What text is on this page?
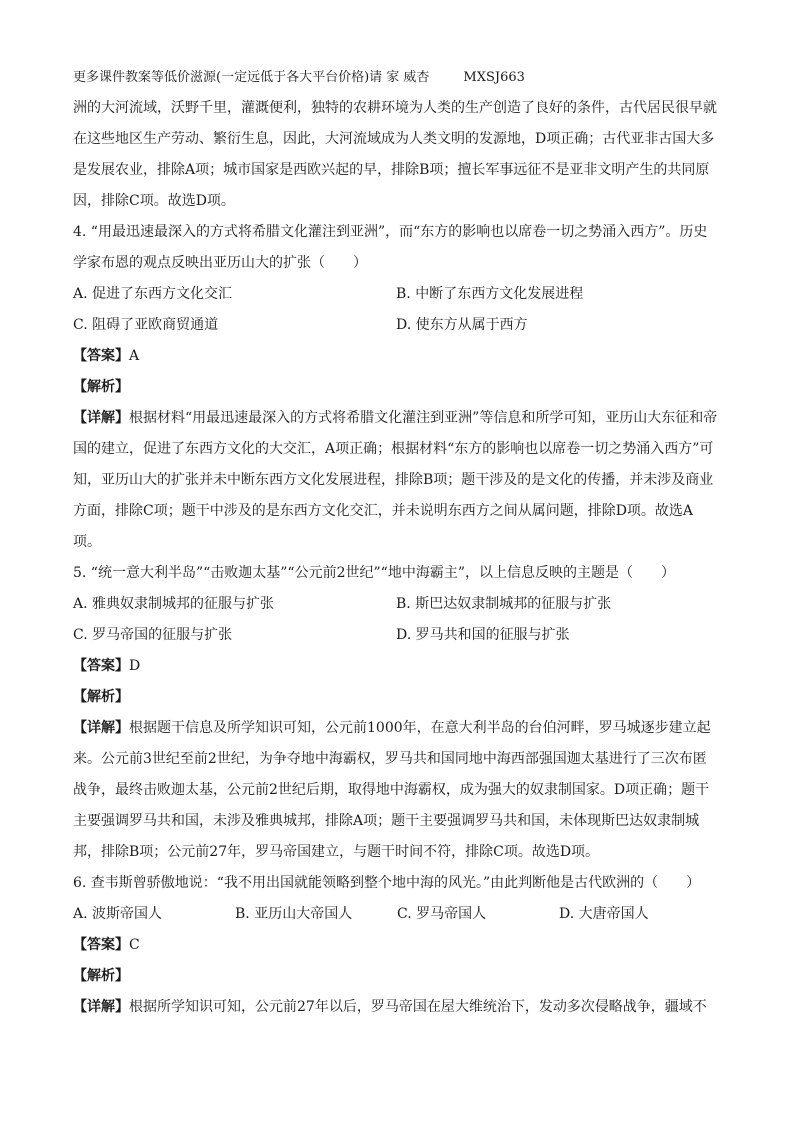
更多课件教案等低价滋源(一定远低于各大平台价格)请 家 威杏	MXSJ663
洲的大河流域，沃野千里，灌溉便利，独特的农耕环境为人类的生产创造了良好的条件，古代居民很早就
在这些地区生产劳动、繁衍生息，因此，大河流域成为人类文明的发源地，D项正确；古代亚非古国大多
是发展农业，排除A项；城市国家是西欧兴起的早，排除B项；擅长军事远征不是亚非文明产生的共同原
因，排除C项。故选D项。
4. “用最迅速最深入的方式将希腊文化灌注到亚洲”，而“东方的影响也以席卷一切之势涌入西方”。历史
学家布恩的观点反映出亚历山大的扩张（　　）
A. 促进了东西方文化交汇	B. 中断了东西方文化发展进程
C. 阻碍了亚欧商贸通道	D. 使东方从属于西方
【答案】A
【解析】
【详解】根据材料“用最迅速最深入的方式将希腊文化灌注到亚洲”等信息和所学可知，亚历山大东征和帝
国的建立，促进了东西方文化的大交汇，A项正确；根据材料“东方的影响也以席卷一切之势涌入西方”可
知，亚历山大的扩张并未中断东西方文化发展进程，排除B项；题干涉及的是文化的传播，并未涉及商业
方面，排除C项；题干中涉及的是东西方文化交汇，并未说明东西方之间从属问题，排除D项。故选A
项。
5. “统一意大利半岛”“击败迦太基”“公元前2世纪”“地中海霸主”，以上信息反映的主题是（　　）
A. 雅典奴隶制城邦的征服与扩张	B. 斯巴达奴隶制城邦的征服与扩张
C. 罗马帝国的征服与扩张	D. 罗马共和国的征服与扩张
【答案】D
【解析】
【详解】根据题干信息及所学知识可知，公元前1000年，在意大利半岛的台伯河畔，罗马城逐步建立起
来。公元前3世纪至前2世纪，为争夺地中海霸权，罗马共和国同地中海西部强国迦太基进行了三次布匿
战争，最终击败迦太基，公元前2世纪后期，取得地中海霸权，成为强大的奴隶制国家。D项正确；题干
主要强调罗马共和国，未涉及雅典城邦，排除A项；题干主要强调罗马共和国，未体现斯巴达奴隶制城
邦，排除B项；公元前27年，罗马帝国建立，与题干时间不符，排除C项。故选D项。
6. 查韦斯曾骄傲地说：“我不用出国就能领略到整个地中海的风光。”由此判断他是古代欧洲的（　　）
A. 波斯帝国人	B. 亚历山大帝国人	C. 罗马帝国人	D. 大唐帝国人
【答案】C
【解析】
【详解】根据所学知识可知，公元前27年以后，罗马帝国在屋大维统治下，发动多次侵略战争，疆域不
